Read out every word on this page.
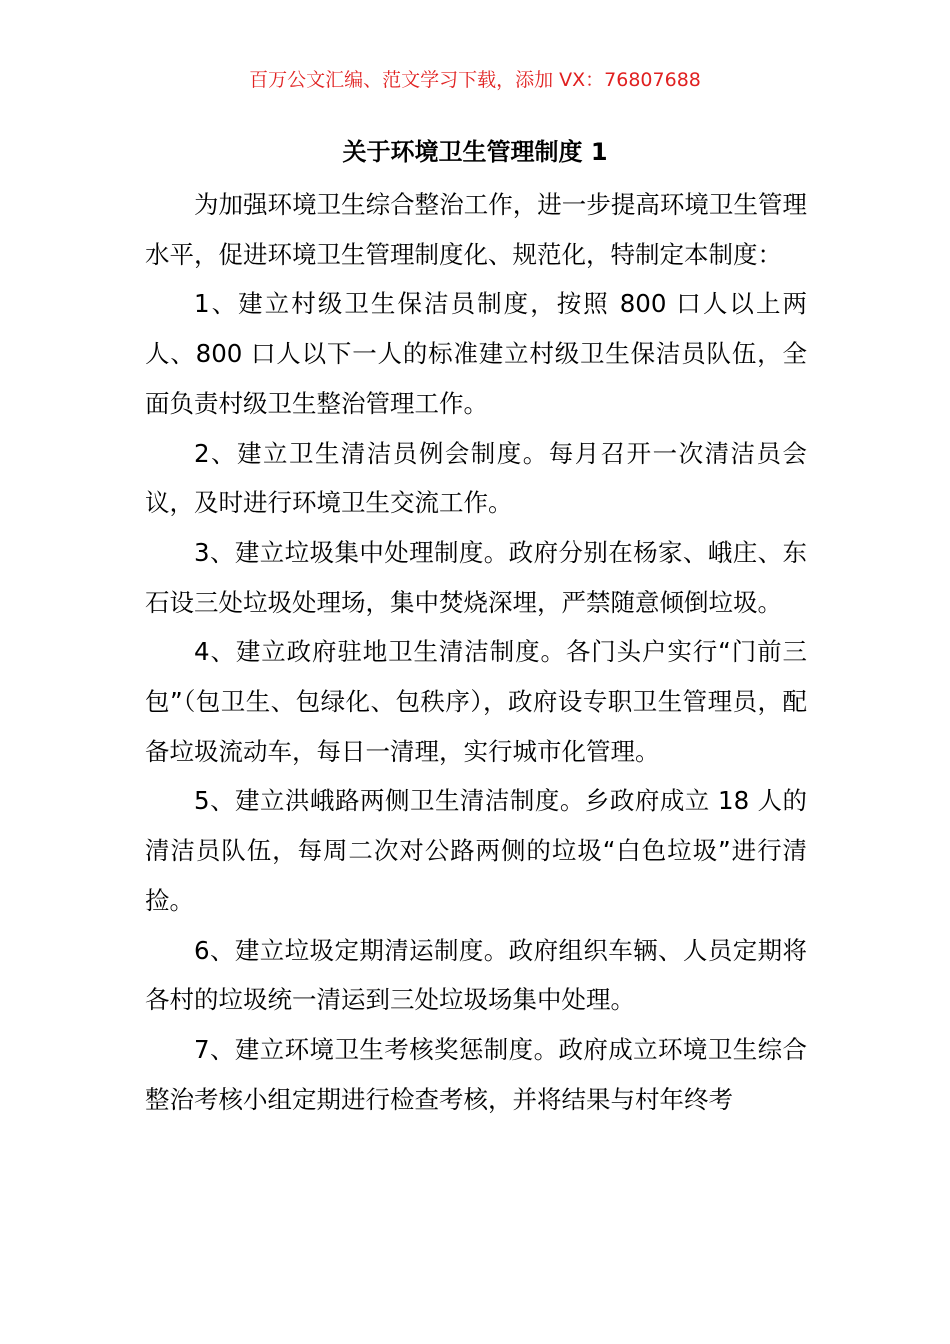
百万公文汇编、范文学习下载，添加 VX：76807688
关于环境卫生管理制度 1

为加强环境卫生综合整治工作，进一步提高环境卫生管理水平，促进环境卫生管理制度化、规范化，特制定本制度：

1、建立村级卫生保洁员制度，按照 800 口人以上两人、800 口人以下一人的标准建立村级卫生保洁员队伍，全面负责村级卫生整治管理工作。

2、建立卫生清洁员例会制度。每月召开一次清洁员会议，及时进行环境卫生交流工作。

3、建立垃圾集中处理制度。政府分别在杨家、峨庄、东石设三处垃圾处理场，集中焚烧深埋，严禁随意倾倒垃圾。

4、建立政府驻地卫生清洁制度。各门头户实行“门前三包”（包卫生、包绿化、包秩序），政府设专职卫生管理员，配备垃圾流动车，每日一清理，实行城市化管理。

5、建立洪峨路两侧卫生清洁制度。乡政府成立 18 人的清洁员队伍，每周二次对公路两侧的垃圾“白色垃圾”进行清捡。

6、建立垃圾定期清运制度。政府组织车辆、人员定期将各村的垃圾统一清运到三处垃圾场集中处理。

7、建立环境卫生考核奖惩制度。政府成立环境卫生综合整治考核小组定期进行检查考核，并将结果与村年终考
